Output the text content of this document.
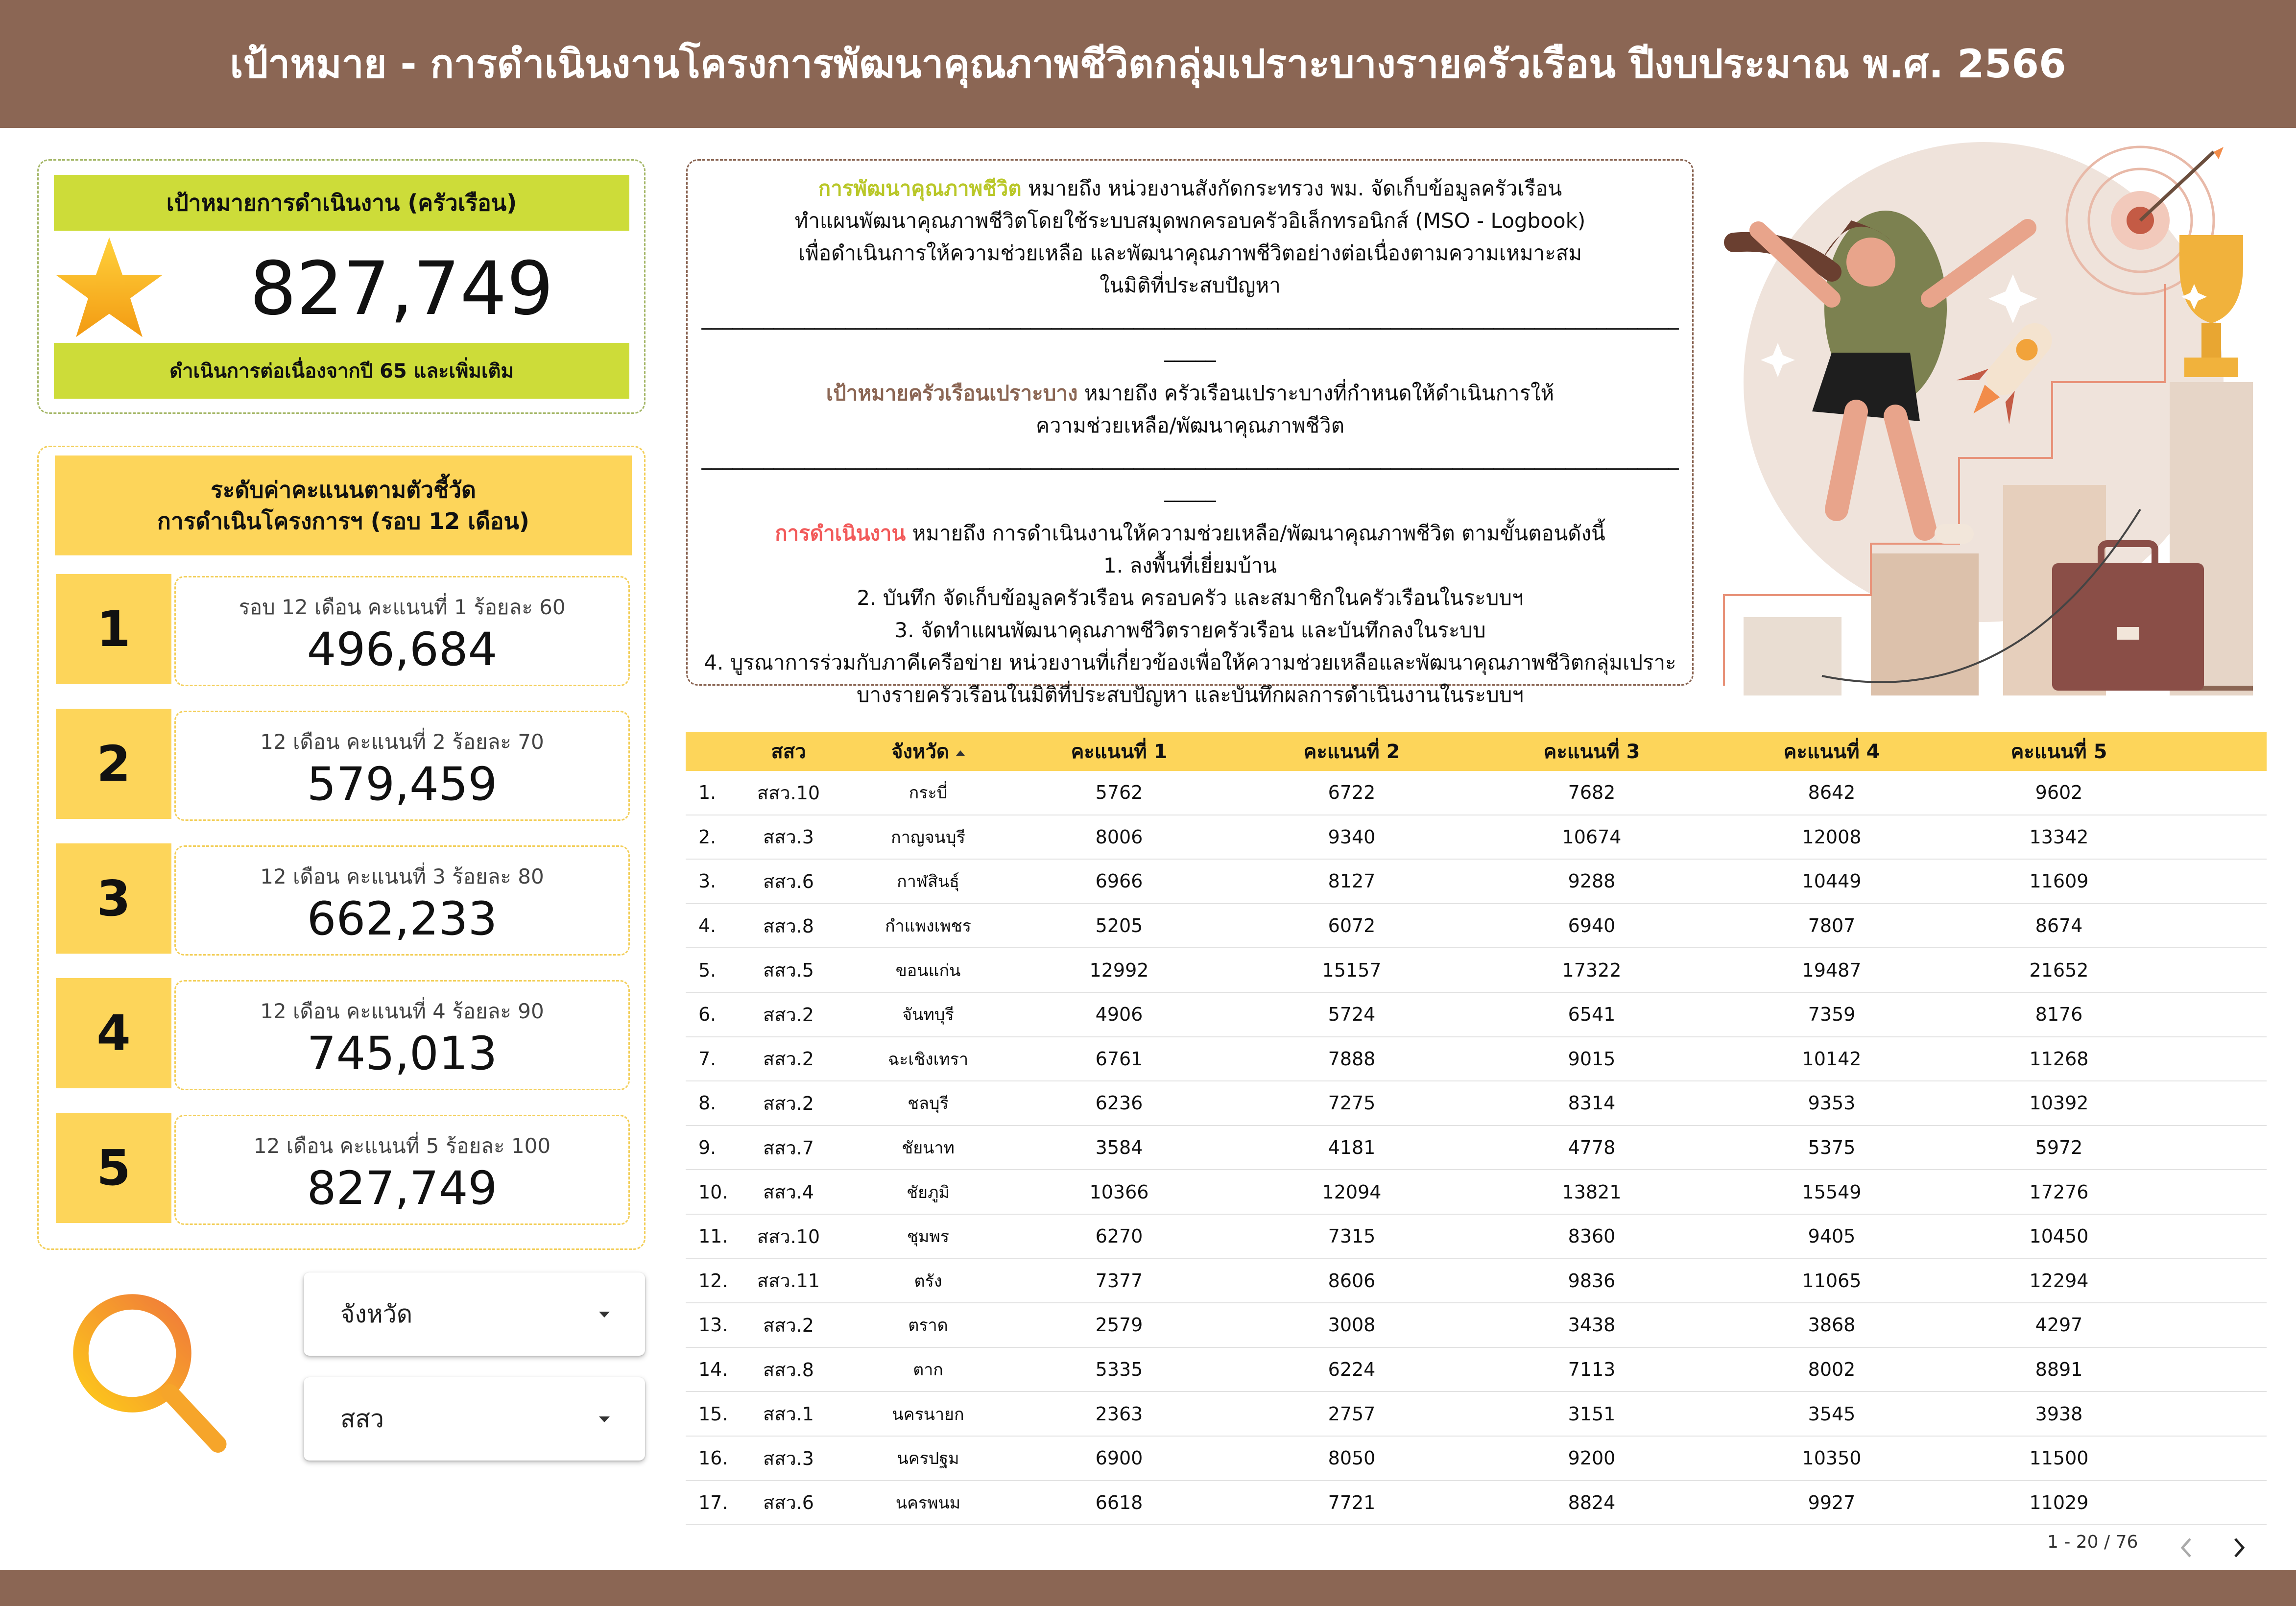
เป้าหมาย - การดำเนินงานโครงการพัฒนาคุณภาพชีวิตกลุ่มเปราะบางรายครัวเรือน ปีงบประมาณ พ.ศ. 2566
เป้าหมายการดำเนินงาน (ครัวเรือน)
827,749
ดำเนินการต่อเนื่องจากปี 65 และเพิ่มเติม
ระดับค่าคะแนนตามตัวชี้วัด
การดำเนินโครงการฯ (รอบ 12 เดือน)
1	รอบ 12 เดือน คะแนนที่ 1 ร้อยละ 60
496,684
2	12 เดือน คะแนนที่ 2 ร้อยละ 70
579,459
3	12 เดือน คะแนนที่ 3 ร้อยละ 80
662,233
4	12 เดือน คะแนนที่ 4 ร้อยละ 90
745,013
5	12 เดือน คะแนนที่ 5 ร้อยละ 100
827,749
จังหวัด
สสว
การพัฒนาคุณภาพชีวิต หมายถึง หน่วยงานสังกัดกระทรวง พม. จัดเก็บข้อมูลครัวเรือน
ทำแผนพัฒนาคุณภาพชีวิตโดยใช้ระบบสมุดพกครอบครัวอิเล็กทรอนิกส์ (MSO - Logbook)
เพื่อดำเนินการให้ความช่วยเหลือ และพัฒนาคุณภาพชีวิตอย่างต่อเนื่องตามความเหมาะสม
ในมิติที่ประสบปัญหา
_______________________________________________________________________________________________
_____
เป้าหมายครัวเรือนเปราะบาง หมายถึง ครัวเรือนเปราะบางที่กำหนดให้ดำเนินการให้
ความช่วยเหลือ/พัฒนาคุณภาพชีวิต
_______________________________________________________________________________________________
_____
การดำเนินงาน หมายถึง การดำเนินงานให้ความช่วยเหลือ/พัฒนาคุณภาพชีวิต ตามขั้นตอนดังนี้
1. ลงพื้นที่เยี่ยมบ้าน
2. บันทึก จัดเก็บข้อมูลครัวเรือน ครอบครัว และสมาชิกในครัวเรือนในระบบฯ
3. จัดทำแผนพัฒนาคุณภาพชีวิตรายครัวเรือน และบันทึกลงในระบบ
4. บูรณาการร่วมกับภาคีเครือข่าย หน่วยงานที่เกี่ยวข้องเพื่อให้ความช่วยเหลือและพัฒนาคุณภาพชีวิตกลุ่มเปราะ
บางรายครัวเรือนในมิติที่ประสบปัญหา และบันทึกผลการดำเนินงานในระบบฯ
สสว	จังหวัด	คะแนนที่ 1	คะแนนที่ 2	คะแนนที่ 3	คะแนนที่ 4	คะแนนที่ 5
1.	สสว.10	กระบี่	5762	6722	7682	8642	9602
2.	สสว.3	กาญจนบุรี	8006	9340	10674	12008	13342
3.	สสว.6	กาฬสินธุ์	6966	8127	9288	10449	11609
4.	สสว.8	กำแพงเพชร	5205	6072	6940	7807	8674
5.	สสว.5	ขอนแก่น	12992	15157	17322	19487	21652
6.	สสว.2	จันทบุรี	4906	5724	6541	7359	8176
7.	สสว.2	ฉะเชิงเทรา	6761	7888	9015	10142	11268
8.	สสว.2	ชลบุรี	6236	7275	8314	9353	10392
9.	สสว.7	ชัยนาท	3584	4181	4778	5375	5972
10.	สสว.4	ชัยภูมิ	10366	12094	13821	15549	17276
11.	สสว.10	ชุมพร	6270	7315	8360	9405	10450
12.	สสว.11	ตรัง	7377	8606	9836	11065	12294
13.	สสว.2	ตราด	2579	3008	3438	3868	4297
14.	สสว.8	ตาก	5335	6224	7113	8002	8891
15.	สสว.1	นครนายก	2363	2757	3151	3545	3938
16.	สสว.3	นครปฐม	6900	8050	9200	10350	11500
17.	สสว.6	นครพนม	6618	7721	8824	9927	11029
1 - 20 / 76
